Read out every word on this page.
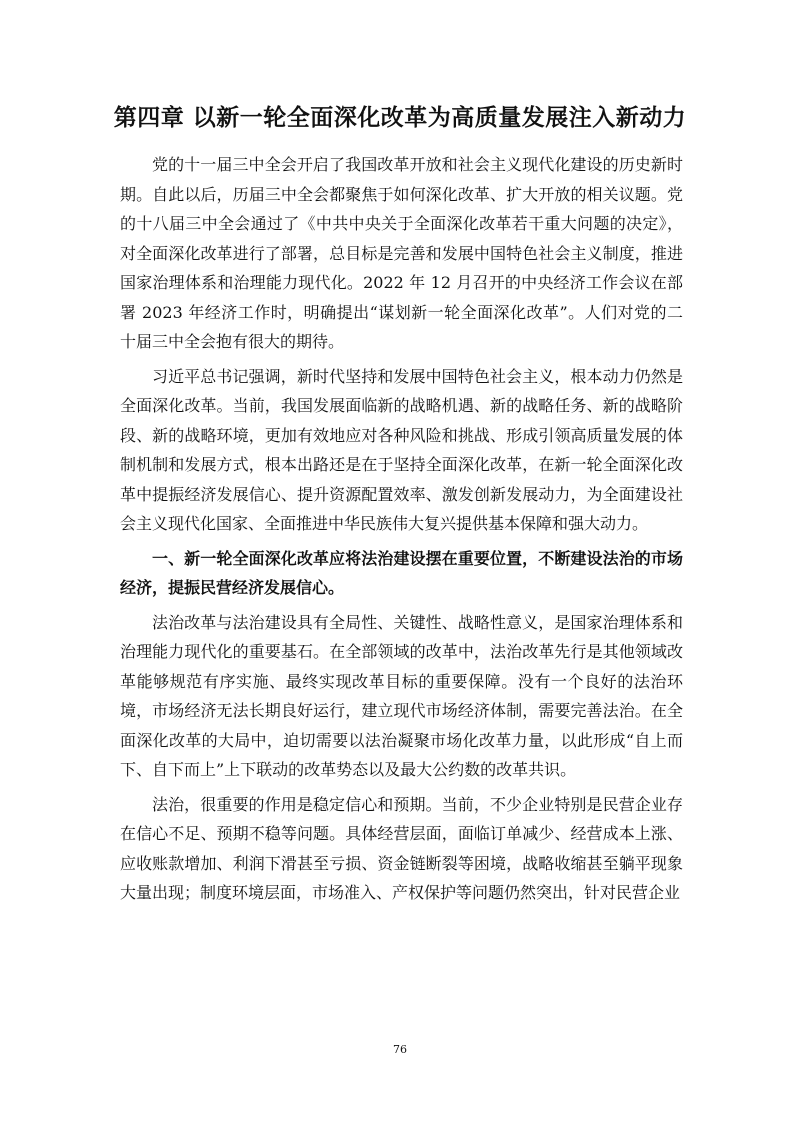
第四章 以新一轮全面深化改革为高质量发展注入新动力

党的十一届三中全会开启了我国改革开放和社会主义现代化建设的历史新时期。自此以后，历届三中全会都聚焦于如何深化改革、扩大开放的相关议题。党的十八届三中全会通过了《中共中央关于全面深化改革若干重大问题的决定》，对全面深化改革进行了部署，总目标是完善和发展中国特色社会主义制度，推进国家治理体系和治理能力现代化。2022 年 12 月召开的中央经济工作会议在部署 2023 年经济工作时，明确提出“谋划新一轮全面深化改革”。人们对党的二十届三中全会抱有很大的期待。

习近平总书记强调，新时代坚持和发展中国特色社会主义，根本动力仍然是全面深化改革。当前，我国发展面临新的战略机遇、新的战略任务、新的战略阶段、新的战略环境，更加有效地应对各种风险和挑战、形成引领高质量发展的体制机制和发展方式，根本出路还是在于坚持全面深化改革，在新一轮全面深化改革中提振经济发展信心、提升资源配置效率、激发创新发展动力，为全面建设社会主义现代化国家、全面推进中华民族伟大复兴提供基本保障和强大动力。

一、新一轮全面深化改革应将法治建设摆在重要位置，不断建设法治的市场经济，提振民营经济发展信心。

法治改革与法治建设具有全局性、关键性、战略性意义，是国家治理体系和治理能力现代化的重要基石。在全部领域的改革中，法治改革先行是其他领域改革能够规范有序实施、最终实现改革目标的重要保障。没有一个良好的法治环境，市场经济无法长期良好运行，建立现代市场经济体制，需要完善法治。在全面深化改革的大局中，迫切需要以法治凝聚市场化改革力量，以此形成“自上而下、自下而上”上下联动的改革势态以及最大公约数的改革共识。

法治，很重要的作用是稳定信心和预期。当前，不少企业特别是民营企业存在信心不足、预期不稳等问题。具体经营层面，面临订单减少、经营成本上涨、应收账款增加、利润下滑甚至亏损、资金链断裂等困境，战略收缩甚至躺平现象大量出现；制度环境层面，市场准入、产权保护等问题仍然突出，针对民营企业

76
